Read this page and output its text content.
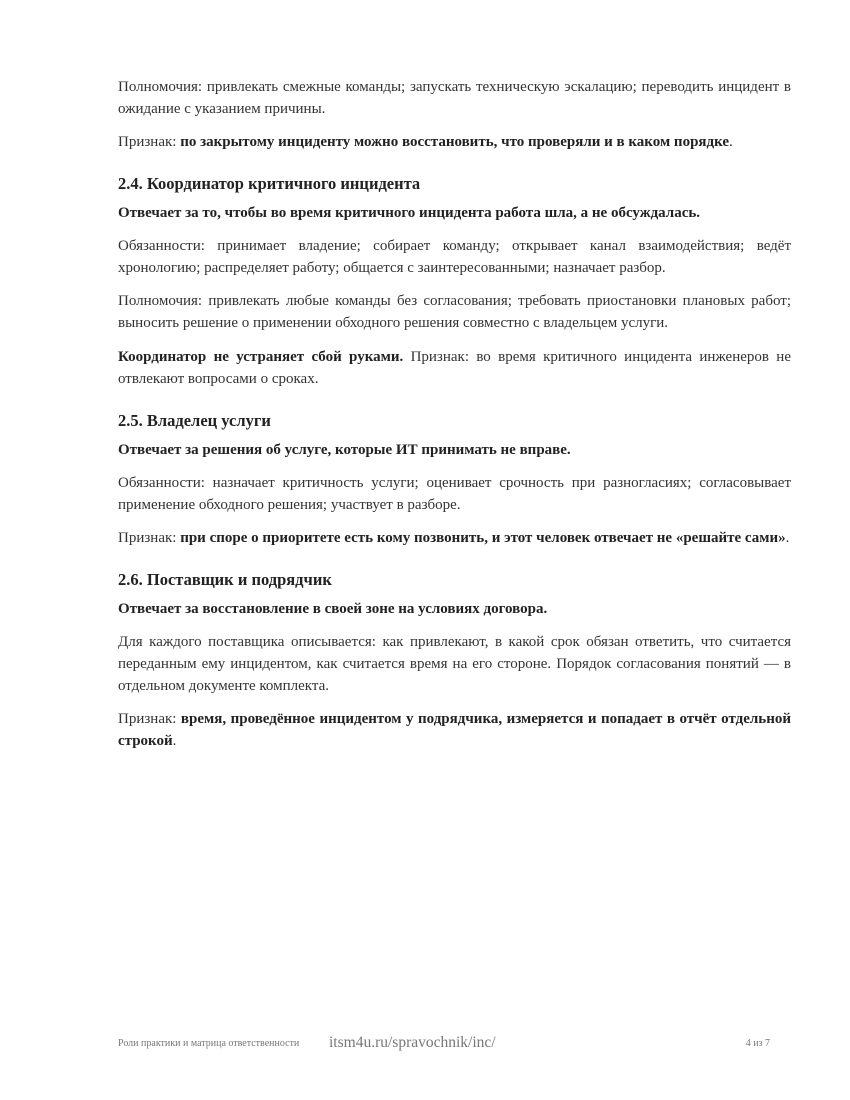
Полномочия: привлекать смежные команды; запускать техническую эскалацию; переводить инцидент в ожидание с указанием причины.

Признак: по закрытому инциденту можно восстановить, что проверяли и в каком порядке.

2.4. Координатор критичного инцидента

Отвечает за то, чтобы во время критичного инцидента работа шла, а не обсуждалась.

Обязанности: принимает владение; собирает команду; открывает канал взаимодействия; ведёт хронологию; распределяет работу; общается с заинтересованными; назначает разбор.

Полномочия: привлекать любые команды без согласования; требовать приостановки плановых работ; выносить решение о применении обходного решения совместно с владельцем услуги.

Координатор не устраняет сбой руками. Признак: во время критичного инцидента инженеров не отвлекают вопросами о сроках.

2.5. Владелец услуги

Отвечает за решения об услуге, которые ИТ принимать не вправе.

Обязанности: назначает критичность услуги; оценивает срочность при разногласиях; согласовывает применение обходного решения; участвует в разборе.

Признак: при споре о приоритете есть кому позвонить, и этот человек отвечает не «решайте сами».

2.6. Поставщик и подрядчик

Отвечает за восстановление в своей зоне на условиях договора.

Для каждого поставщика описывается: как привлекают, в какой срок обязан ответить, что считается переданным ему инцидентом, как считается время на его стороне. Порядок согласования понятий — в отдельном документе комплекта.

Признак: время, проведённое инцидентом у подрядчика, измеряется и попадает в отчёт отдельной строкой.

Роли практики и матрица ответственности itsm4u.ru/spravochnik/inc/	4 из 7
